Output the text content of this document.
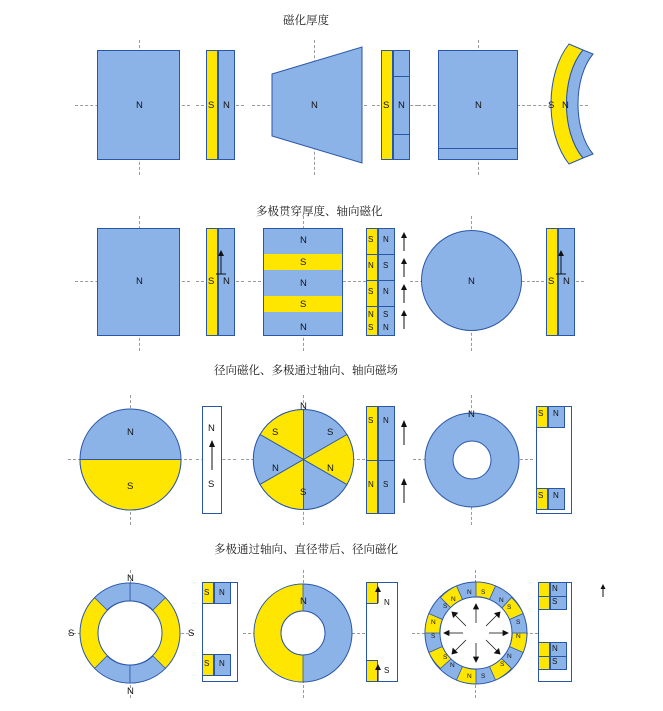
磁化厚度
N	S N	N	S N	N	S N
多极贯穿厚度、轴向磁化
N	S N
N
S
N
S
N
S N
N S
S N
N S
S N
N	S N
径向磁化、多极通过轴向、轴向磁场
N
S
N
S
N
S
N
S
N
S
S N
N S
N	S N
S N
多极通过轴向、直径带后、径向磁化
N
S	S
N
S N
S N
N	N
S
N S
S
N	N
S
S
N
N
S
N
S
S
N
N S
N
S
N
S
